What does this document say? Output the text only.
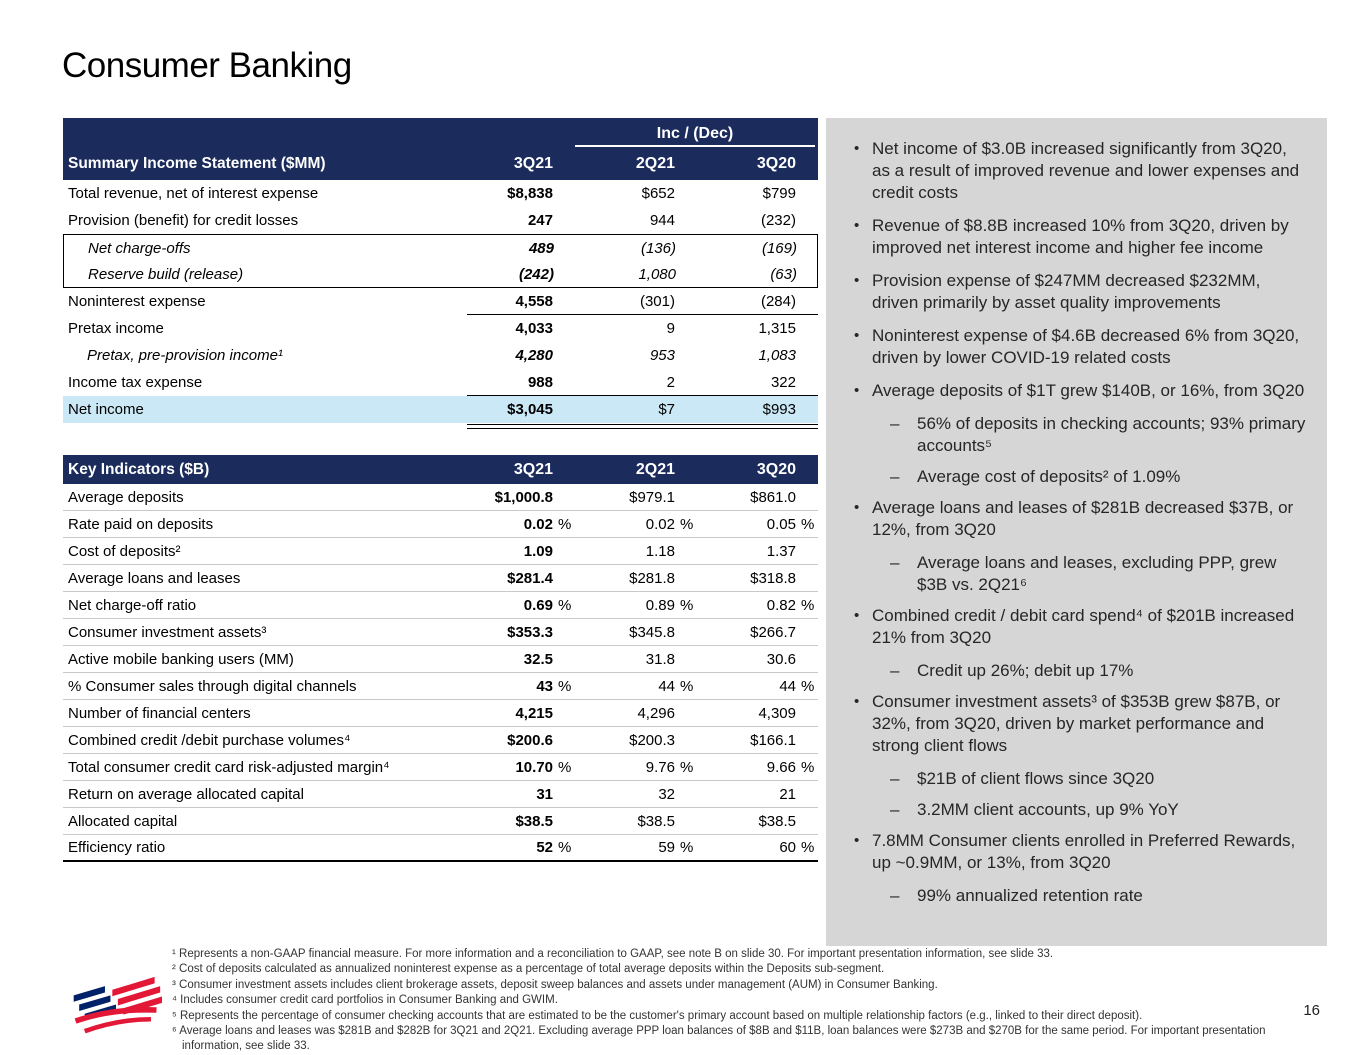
Consumer Banking
Inc / (Dec)
Summary Income Statement ($MM)	3Q21	2Q21	3Q20
Total revenue, net of interest expense	$8,838	$652	$799
Provision (benefit) for credit losses	247	944	(232)
Net charge-offs	489	(136)	(169)
Reserve build (release)	(242)	1,080	(63)
Noninterest expense	4,558	(301)	(284)
Pretax income	4,033	9	1,315
Pretax, pre-provision income¹	4,280	953	1,083
Income tax expense	988	2	322
Net income	$3,045	$7	$993
Key Indicators ($B)	3Q21	2Q21	3Q20
Average deposits	$1,000.8	$979.1	$861.0
Rate paid on deposits	0.02 %	0.02 %	0.05 %
Cost of deposits²	1.09	1.18	1.37
Average loans and leases	$281.4	$281.8	$318.8
Net charge-off ratio	0.69 %	0.89 %	0.82 %
Consumer investment assets³	$353.3	$345.8	$266.7
Active mobile banking users (MM)	32.5	31.8	30.6
% Consumer sales through digital channels	43 %	44 %	44 %
Number of financial centers	4,215	4,296	4,309
Combined credit /debit purchase volumes⁴	$200.6	$200.3	$166.1
Total consumer credit card risk-adjusted margin⁴	10.70 %	9.76 %	9.66 %
Return on average allocated capital	31	32	21
Allocated capital	$38.5	$38.5	$38.5
Efficiency ratio	52 %	59 %	60 %
• Net income of $3.0B increased significantly from 3Q20, as a result of improved revenue and lower expenses and credit costs
• Revenue of $8.8B increased 10% from 3Q20, driven by improved net interest income and higher fee income
• Provision expense of $247MM decreased $232MM, driven primarily by asset quality improvements
• Noninterest expense of $4.6B decreased 6% from 3Q20, driven by lower COVID-19 related costs
• Average deposits of $1T grew $140B, or 16%, from 3Q20
–	56% of deposits in checking accounts; 93% primary accounts⁵
–	Average cost of deposits² of 1.09%
• Average loans and leases of $281B decreased $37B, or 12%, from 3Q20
–	Average loans and leases, excluding PPP, grew $3B vs. 2Q21⁶
• Combined credit / debit card spend⁴ of $201B increased 21% from 3Q20
–	Credit up 26%; debit up 17%
• Consumer investment assets³ of $353B grew $87B, or 32%, from 3Q20, driven by market performance and strong client flows
–	$21B of client flows since 3Q20
–	3.2MM client accounts, up 9% YoY
• 7.8MM Consumer clients enrolled in Preferred Rewards, up ~0.9MM, or 13%, from 3Q20
–	99% annualized retention rate
¹ Represents a non-GAAP financial measure. For more information and a reconciliation to GAAP, see note B on slide 30. For important presentation information, see slide 33.
² Cost of deposits calculated as annualized noninterest expense as a percentage of total average deposits within the Deposits sub-segment.
³ Consumer investment assets includes client brokerage assets, deposit sweep balances and assets under management (AUM) in Consumer Banking.
⁴ Includes consumer credit card portfolios in Consumer Banking and GWIM.
⁵ Represents the percentage of consumer checking accounts that are estimated to be the customer's primary account based on multiple relationship factors (e.g., linked to their direct deposit).
⁶ Average loans and leases was $281B and $282B for 3Q21 and 2Q21. Excluding average PPP loan balances of $8B and $11B, loan balances were $273B and $270B for the same period. For important presentation information, see slide 33.
16
